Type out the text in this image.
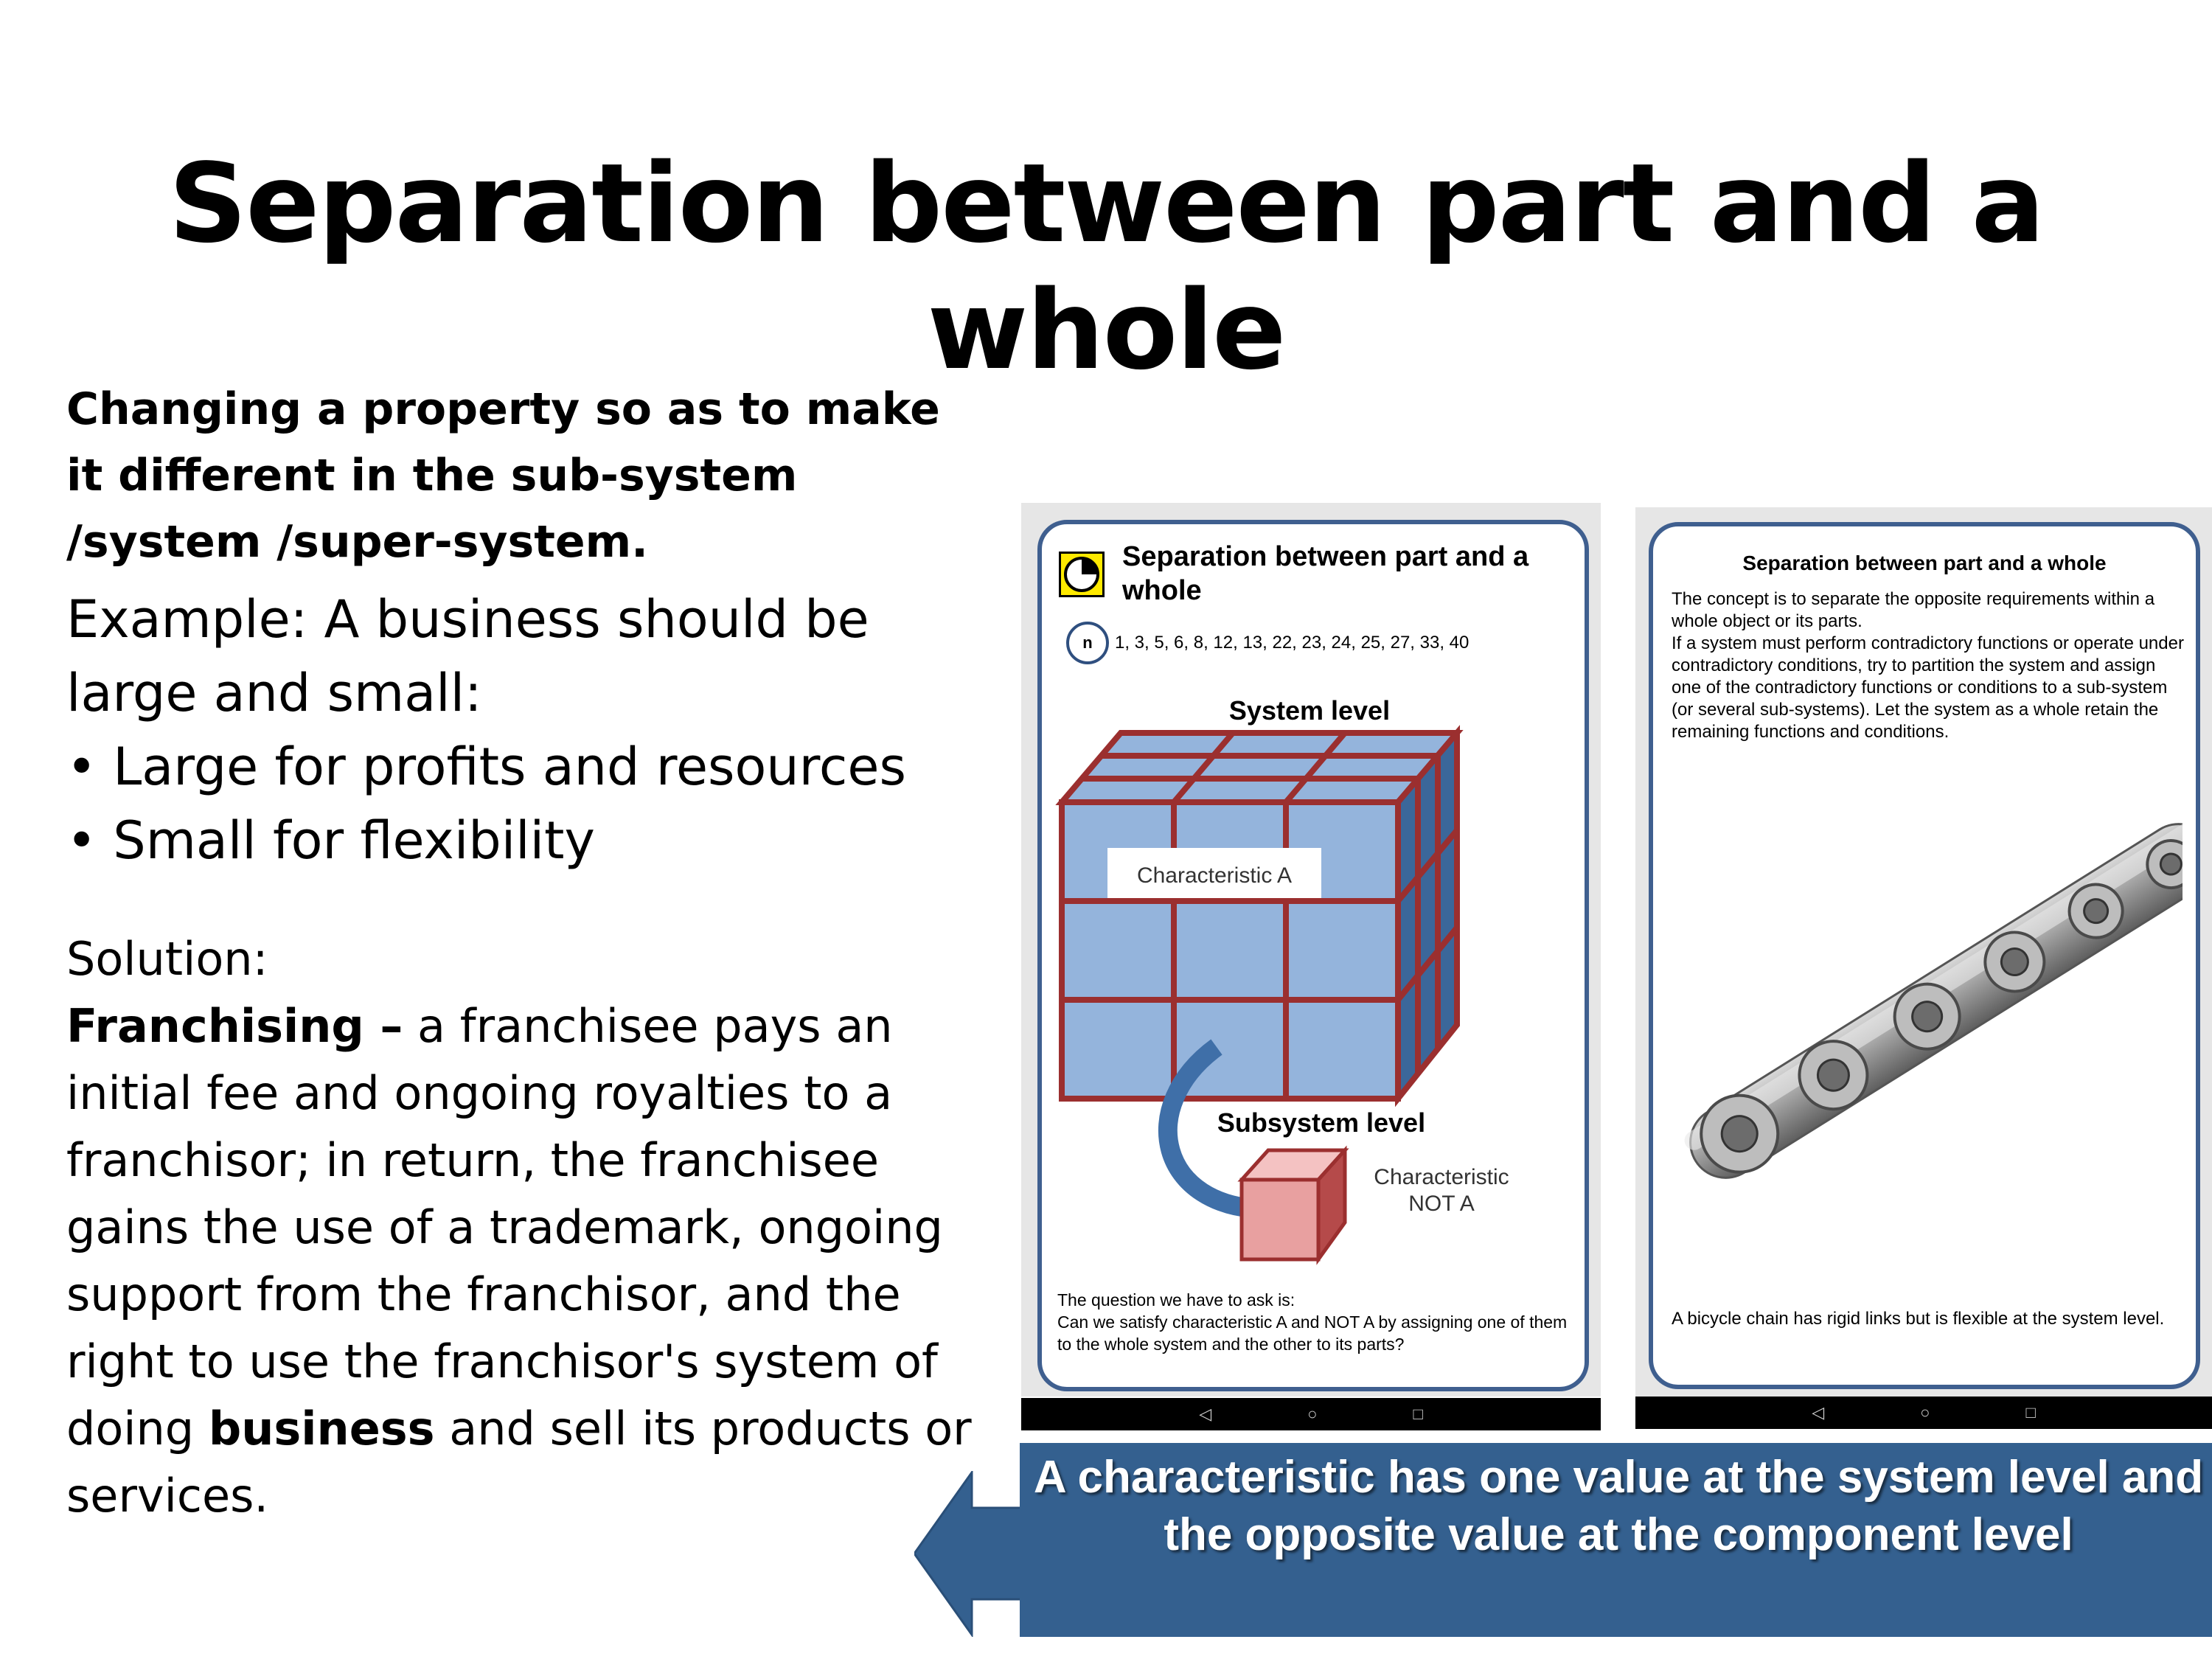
Separation between part and a whole

Changing a property so as to make it different in the sub-system /system /super-system.

Example: A business should be large and small:

• Large for profits and resources
• Small for flexibility

Solution:
Franchising – a franchisee pays an initial fee and ongoing royalties to a franchisor; in return, the franchisee gains the use of a trademark, ongoing support from the franchisor, and the right to use the franchisor's system of doing business and sell its products or services.

Separation between part and a whole
n	1, 3, 5, 6, 8, 12, 13, 22, 23, 24, 25, 27, 33, 40
Characteristic A
System level
Subsystem level
Characteristic
NOT A
The question we have to ask is:
Can we satisfy characteristic A and NOT A by assigning one of them to the whole system and the other to its parts?
◁	○	□
Separation between part and a whole
The concept is to separate the opposite requirements within a whole object or its parts.
If a system must perform contradictory functions or operate under contradictory conditions, try to partition the system and assign one of the contradictory functions or conditions to a sub-system (or several sub-systems). Let the system as a whole retain the remaining functions and conditions.
A bicycle chain has rigid links but is flexible at the system level.
◁	○	□
A characteristic has one value at the system level and the opposite value at the component level
